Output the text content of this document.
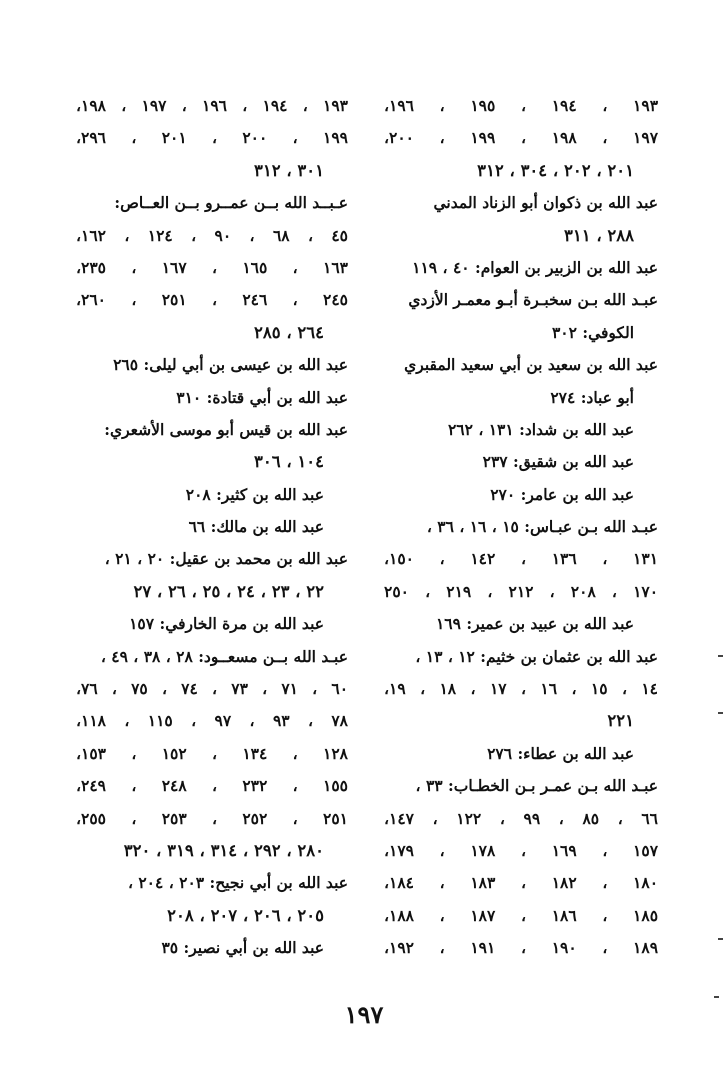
١٩٣ ، ١٩٤ ، ١٩٥ ، ١٩٦،
١٩٧ ، ١٩٨ ، ١٩٩ ، ٢٠٠،
٢٠١ ، ٢٠٢ ، ٣٠٤ ، ٣١٢
عبد الله بن ذكوان أبو الزناد المدني
٢٨٨ ، ٣١١
عبد الله بن الزبير بن العوام: ٤٠ ، ١١٩
عبـد الله بـن سخبـرة أبـو معمـر الأزدي
الكوفي: ٣٠٢
عبد الله بن سعيد بن أبي سعيد المقبري
أبو عباد: ٢٧٤
عبد الله بن شداد: ١٣١ ، ٢٦٢
عبد الله بن شقيق: ٢٣٧
عبد الله بن عامر: ٢٧٠
عبـد الله بـن عبـاس: ١٥ ، ١٦ ، ٣٦ ،
١٣١ ، ١٣٦ ، ١٤٢ ، ١٥٠،
١٧٠ ، ٢٠٨ ، ٢١٢ ، ٢١٩ ، ٢٥٠
عبد الله بن عبيد بن عمير: ١٦٩
عبد الله بن عثمان بن خثيم: ١٢ ، ١٣ ،
١٤ ، ١٥ ، ١٦ ، ١٧ ، ١٨ ، ١٩،
٢٢١
عبد الله بن عطاء: ٢٧٦
عبـد الله بـن عمـر بـن الخطـاب: ٣٣ ،
٦٦ ، ٨٥ ، ٩٩ ، ١٢٢ ، ١٤٧،
١٥٧ ، ١٦٩ ، ١٧٨ ، ١٧٩،
١٨٠ ، ١٨٢ ، ١٨٣ ، ١٨٤،
١٨٥ ، ١٨٦ ، ١٨٧ ، ١٨٨،
١٨٩ ، ١٩٠ ، ١٩١ ، ١٩٢،
١٩٣ ، ١٩٤ ، ١٩٦ ، ١٩٧ ، ١٩٨،
١٩٩ ، ٢٠٠ ، ٢٠١ ، ٢٩٦،
٣٠١ ، ٣١٢
عـبــد الله بــن عمــرو بــن العــاص:
٤٥ ، ٦٨ ، ٩٠ ، ١٢٤ ، ١٦٢،
١٦٣ ، ١٦٥ ، ١٦٧ ، ٢٣٥،
٢٤٥ ، ٢٤٦ ، ٢٥١ ، ٢٦٠،
٢٦٤ ، ٢٨٥
عبد الله بن عيسى بن أبي ليلى: ٢٦٥
عبد الله بن أبي قتادة: ٣١٠
عبد الله بن قيس أبو موسى الأشعري:
١٠٤ ، ٣٠٦
عبد الله بن كثير: ٢٠٨
عبد الله بن مالك: ٦٦
عبد الله بن محمد بن عقيل: ٢٠ ، ٢١ ،
٢٢ ، ٢٣ ، ٢٤ ، ٢٥ ، ٢٦ ، ٢٧
عبد الله بن مرة الخارفي: ١٥٧
عبـد الله بــن مسعــود: ٢٨ ، ٣٨ ، ٤٩ ،
٦٠ ، ٧١ ، ٧٣ ، ٧٤ ، ٧٥ ، ٧٦،
٧٨ ، ٩٣ ، ٩٧ ، ١١٥ ، ١١٨،
١٢٨ ، ١٣٤ ، ١٥٢ ، ١٥٣،
١٥٥ ، ٢٣٢ ، ٢٤٨ ، ٢٤٩،
٢٥١ ، ٢٥٢ ، ٢٥٣ ، ٢٥٥،
٢٨٠ ، ٢٩٢ ، ٣١٤ ، ٣١٩ ، ٣٢٠
عبد الله بن أبي نجيح: ٢٠٣ ، ٢٠٤ ،
٢٠٥ ، ٢٠٦ ، ٢٠٧ ، ٢٠٨
عبد الله بن أبي نصير: ٣٥
١٩٧
